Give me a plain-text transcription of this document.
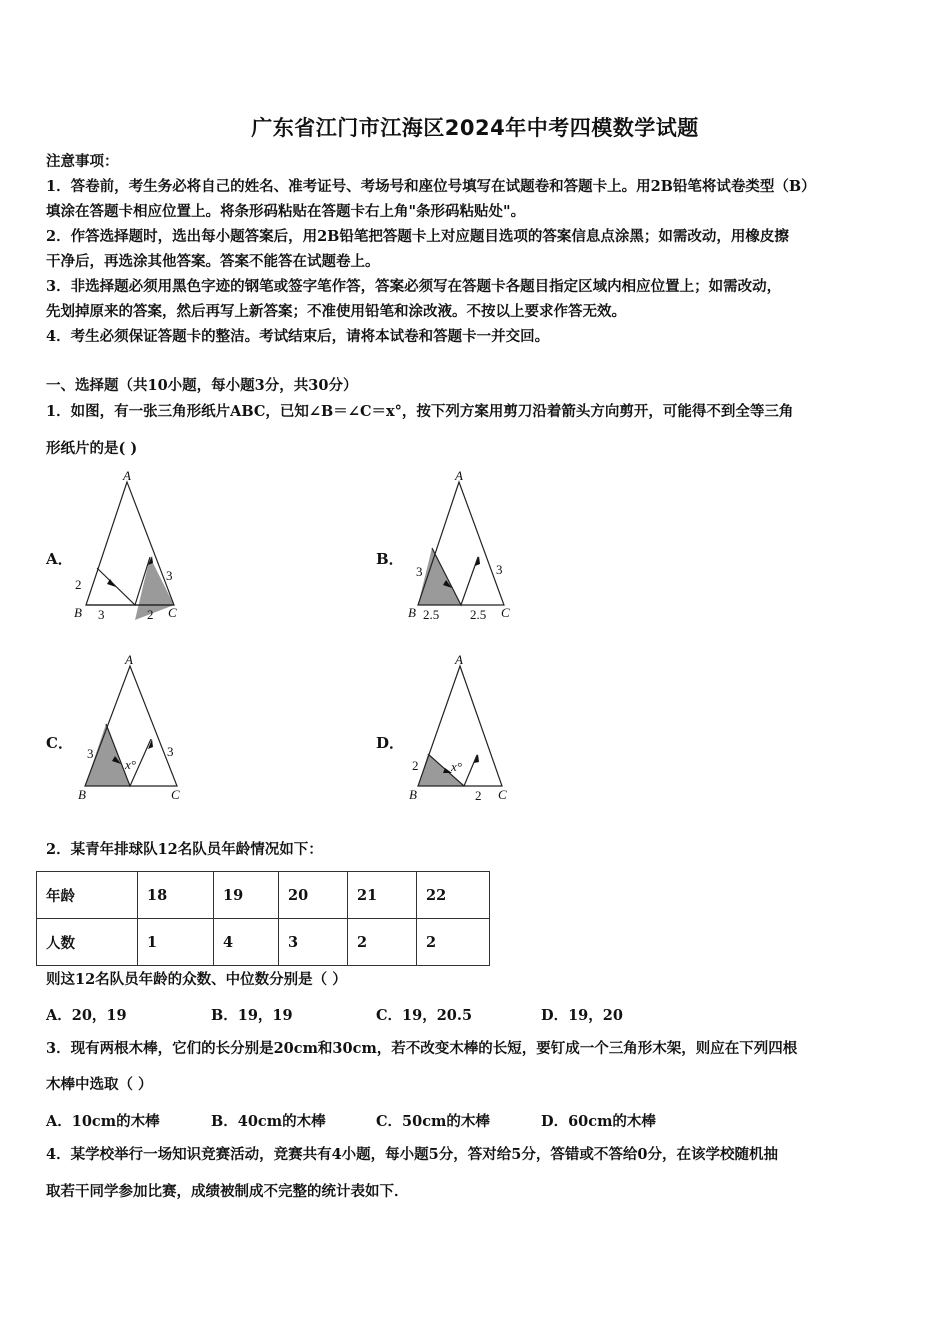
广东省江门市江海区2024年中考四模数学试题
注意事项：
1．答卷前，考生务必将自己的姓名、准考证号、考场号和座位号填写在试题卷和答题卡上。用2B铅笔将试卷类型（B）
填涂在答题卡相应位置上。将条形码粘贴在答题卡右上角"条形码粘贴处"。
2．作答选择题时，选出每小题答案后，用2B铅笔把答题卡上对应题目选项的答案信息点涂黑；如需改动，用橡皮擦
干净后，再选涂其他答案。答案不能答在试题卷上。
3．非选择题必须用黑色字迹的钢笔或签字笔作答，答案必须写在答题卡各题目指定区域内相应位置上；如需改动，
先划掉原来的答案，然后再写上新答案；不准使用铅笔和涂改液。不按以上要求作答无效。
4．考生必须保证答题卡的整洁。考试结束后，请将本试卷和答题卡一并交回。
一、选择题（共10小题，每小题3分，共30分）
1．如图，有一张三角形纸片ABC，已知∠B＝∠C＝x°，按下列方案用剪刀沿着箭头方向剪开，可能得不到全等三角
形纸片的是( )
A．
A
B	C
2
3	2
3
B．
A
B	C
3
2.5 2.5
3
C．
A
B	C
3
x°
3	D．
A
B	C
2	x°
2
2．某青年排球队12名队员年龄情况如下：
年龄	18	19	20	21	22
人数	1	4	3	2	2
则这12名队员年龄的众数、中位数分别是（ ）
A．20，19	B．19，19	C．19，20.5	D．19，20
3．现有两根木棒，它们的长分别是20cm和30cm，若不改变木棒的长短，要钉成一个三角形木架，则应在下列四根
木棒中选取（ ）
A．10cm的木棒	B．40cm的木棒	C．50cm的木棒	D．60cm的木棒
4．某学校举行一场知识竞赛活动，竞赛共有4小题，每小题5分，答对给5分，答错或不答给0分，在该学校随机抽
取若干同学参加比赛，成绩被制成不完整的统计表如下．
